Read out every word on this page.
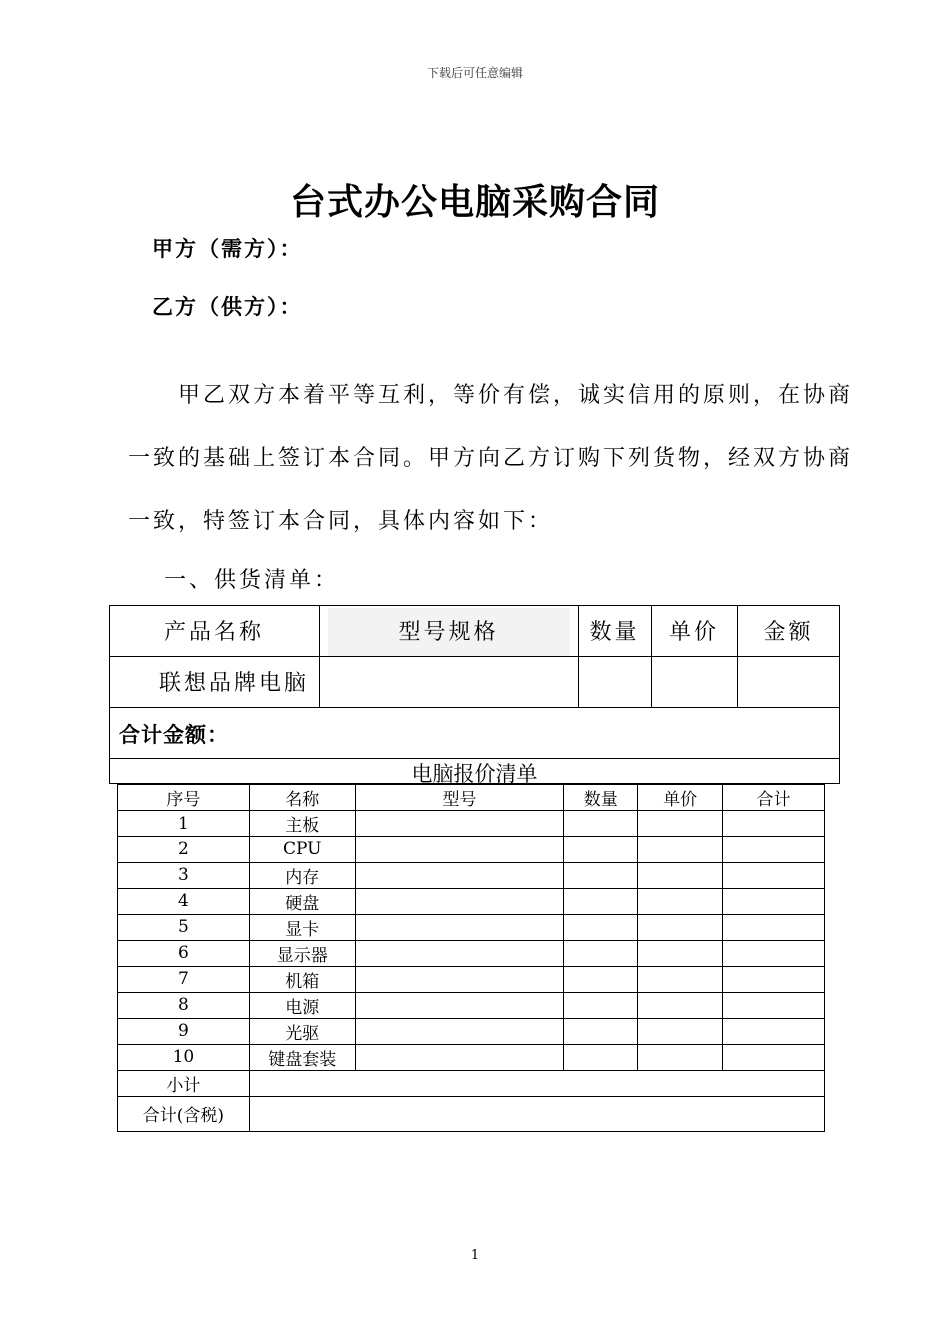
下载后可任意编辑
台式办公电脑采购合同
甲方（需方）：
乙方（供方）：
甲乙双方本着平等互利，等价有偿，诚实信用的原则，在协商
一致的基础上签订本合同。甲方向乙方订购下列货物，经双方协商
一致，特签订本合同，具体内容如下：
一、供货清单：
产品名称	型号规格	数量	单价	金额
联想品牌电脑
合计金额：
电脑报价清单
序号	名称	型号	数量	单价	合计
1	主板				
2	CPU				
3	内存				
4	硬盘				
5	显卡				
6	显示器				
7	机箱				
8	电源				
9	光驱				
10	键盘套装				
小计					
合计(含税)					
1
